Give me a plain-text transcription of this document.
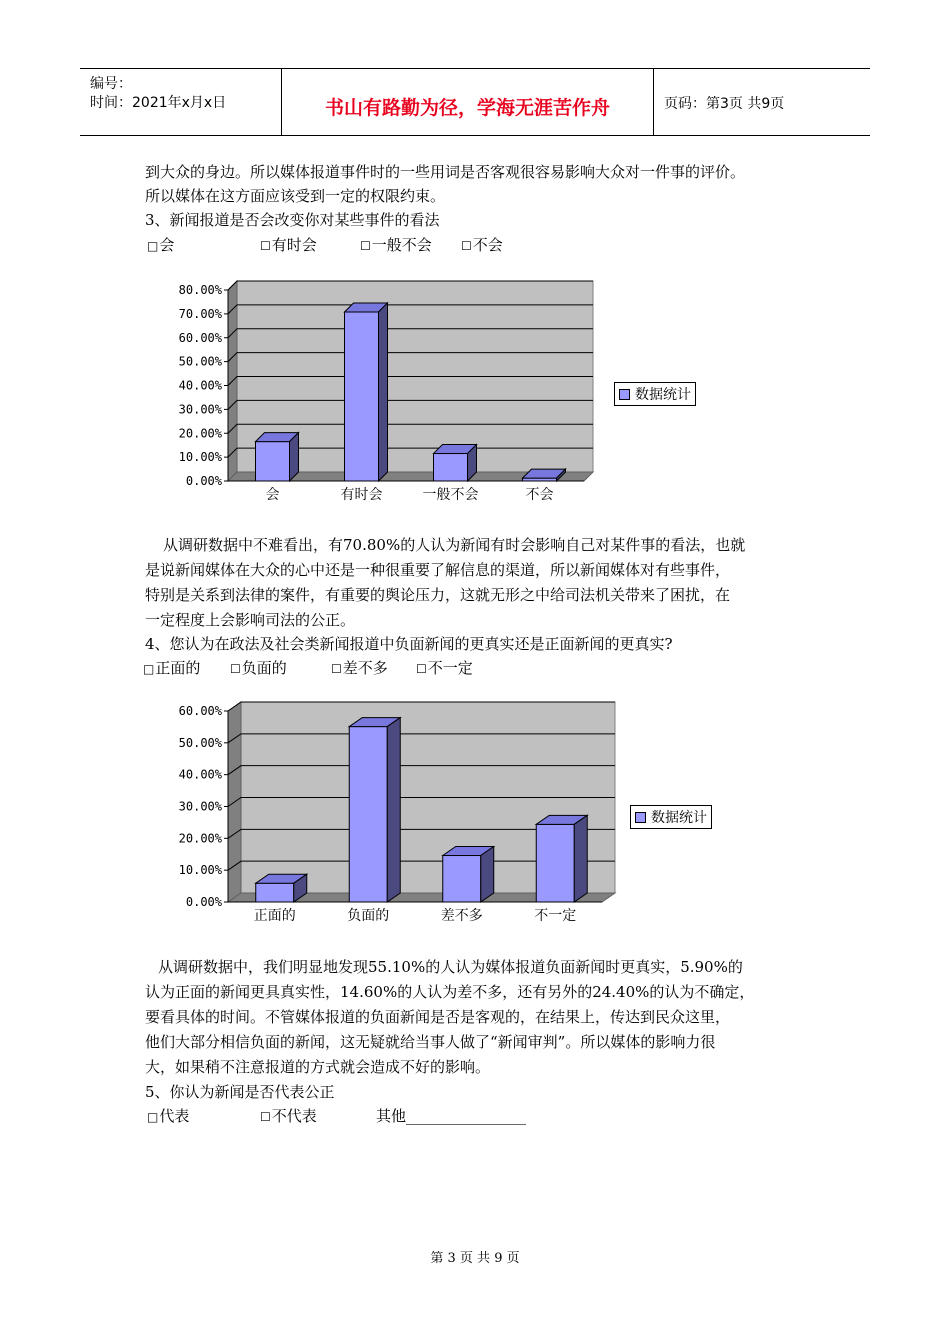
编号：
时间：2021年x月x日	书山有路勤为径，学海无涯苦作舟	页码：第3页 共9页
到大众的身边。所以媒体报道事件时的一些用词是否客观很容易影响大众对一件事的评价。
所以媒体在这方面应该受到一定的权限约束。
3、新闻报道是否会改变你对某些事件的看法
□会	☐有时会	☐一般不会 ☐不会
0.00%
10.00%
20.00%
30.00%
40.00%
50.00%
60.00%
70.00%
80.00%
会	有时会	一般不会	不会
数据统计
从调研数据中不难看出，有70.80%的人认为新闻有时会影响自己对某件事的看法，也就
是说新闻媒体在大众的心中还是一种很重要了解信息的渠道，所以新闻媒体对有些事件，
特别是关系到法律的案件，有重要的舆论压力，这就无形之中给司法机关带来了困扰，在
一定程度上会影响司法的公正。
4、您认为在政法及社会类新闻报道中负面新闻的更真实还是正面新闻的更真实?
□正面的 ☐负面的	☐差不多 ☐不一定
0.00%
10.00%
20.00%
30.00%
40.00%
50.00%
60.00%
正面的	负面的	差不多	不一定
数据统计
从调研数据中，我们明显地发现55.10%的人认为媒体报道负面新闻时更真实，5.90%的
认为正面的新闻更具真实性，14.60%的人认为差不多，还有另外的24.40%的认为不确定，
要看具体的时间。不管媒体报道的负面新闻是否是客观的，在结果上，传达到民众这里，
他们大部分相信负面的新闻，这无疑就给当事人做了“新闻审判”。所以媒体的影响力很
大，如果稍不注意报道的方式就会造成不好的影响。
5、你认为新闻是否代表公正
□代表	☐不代表	其他________________
第 3 页 共 9 页
